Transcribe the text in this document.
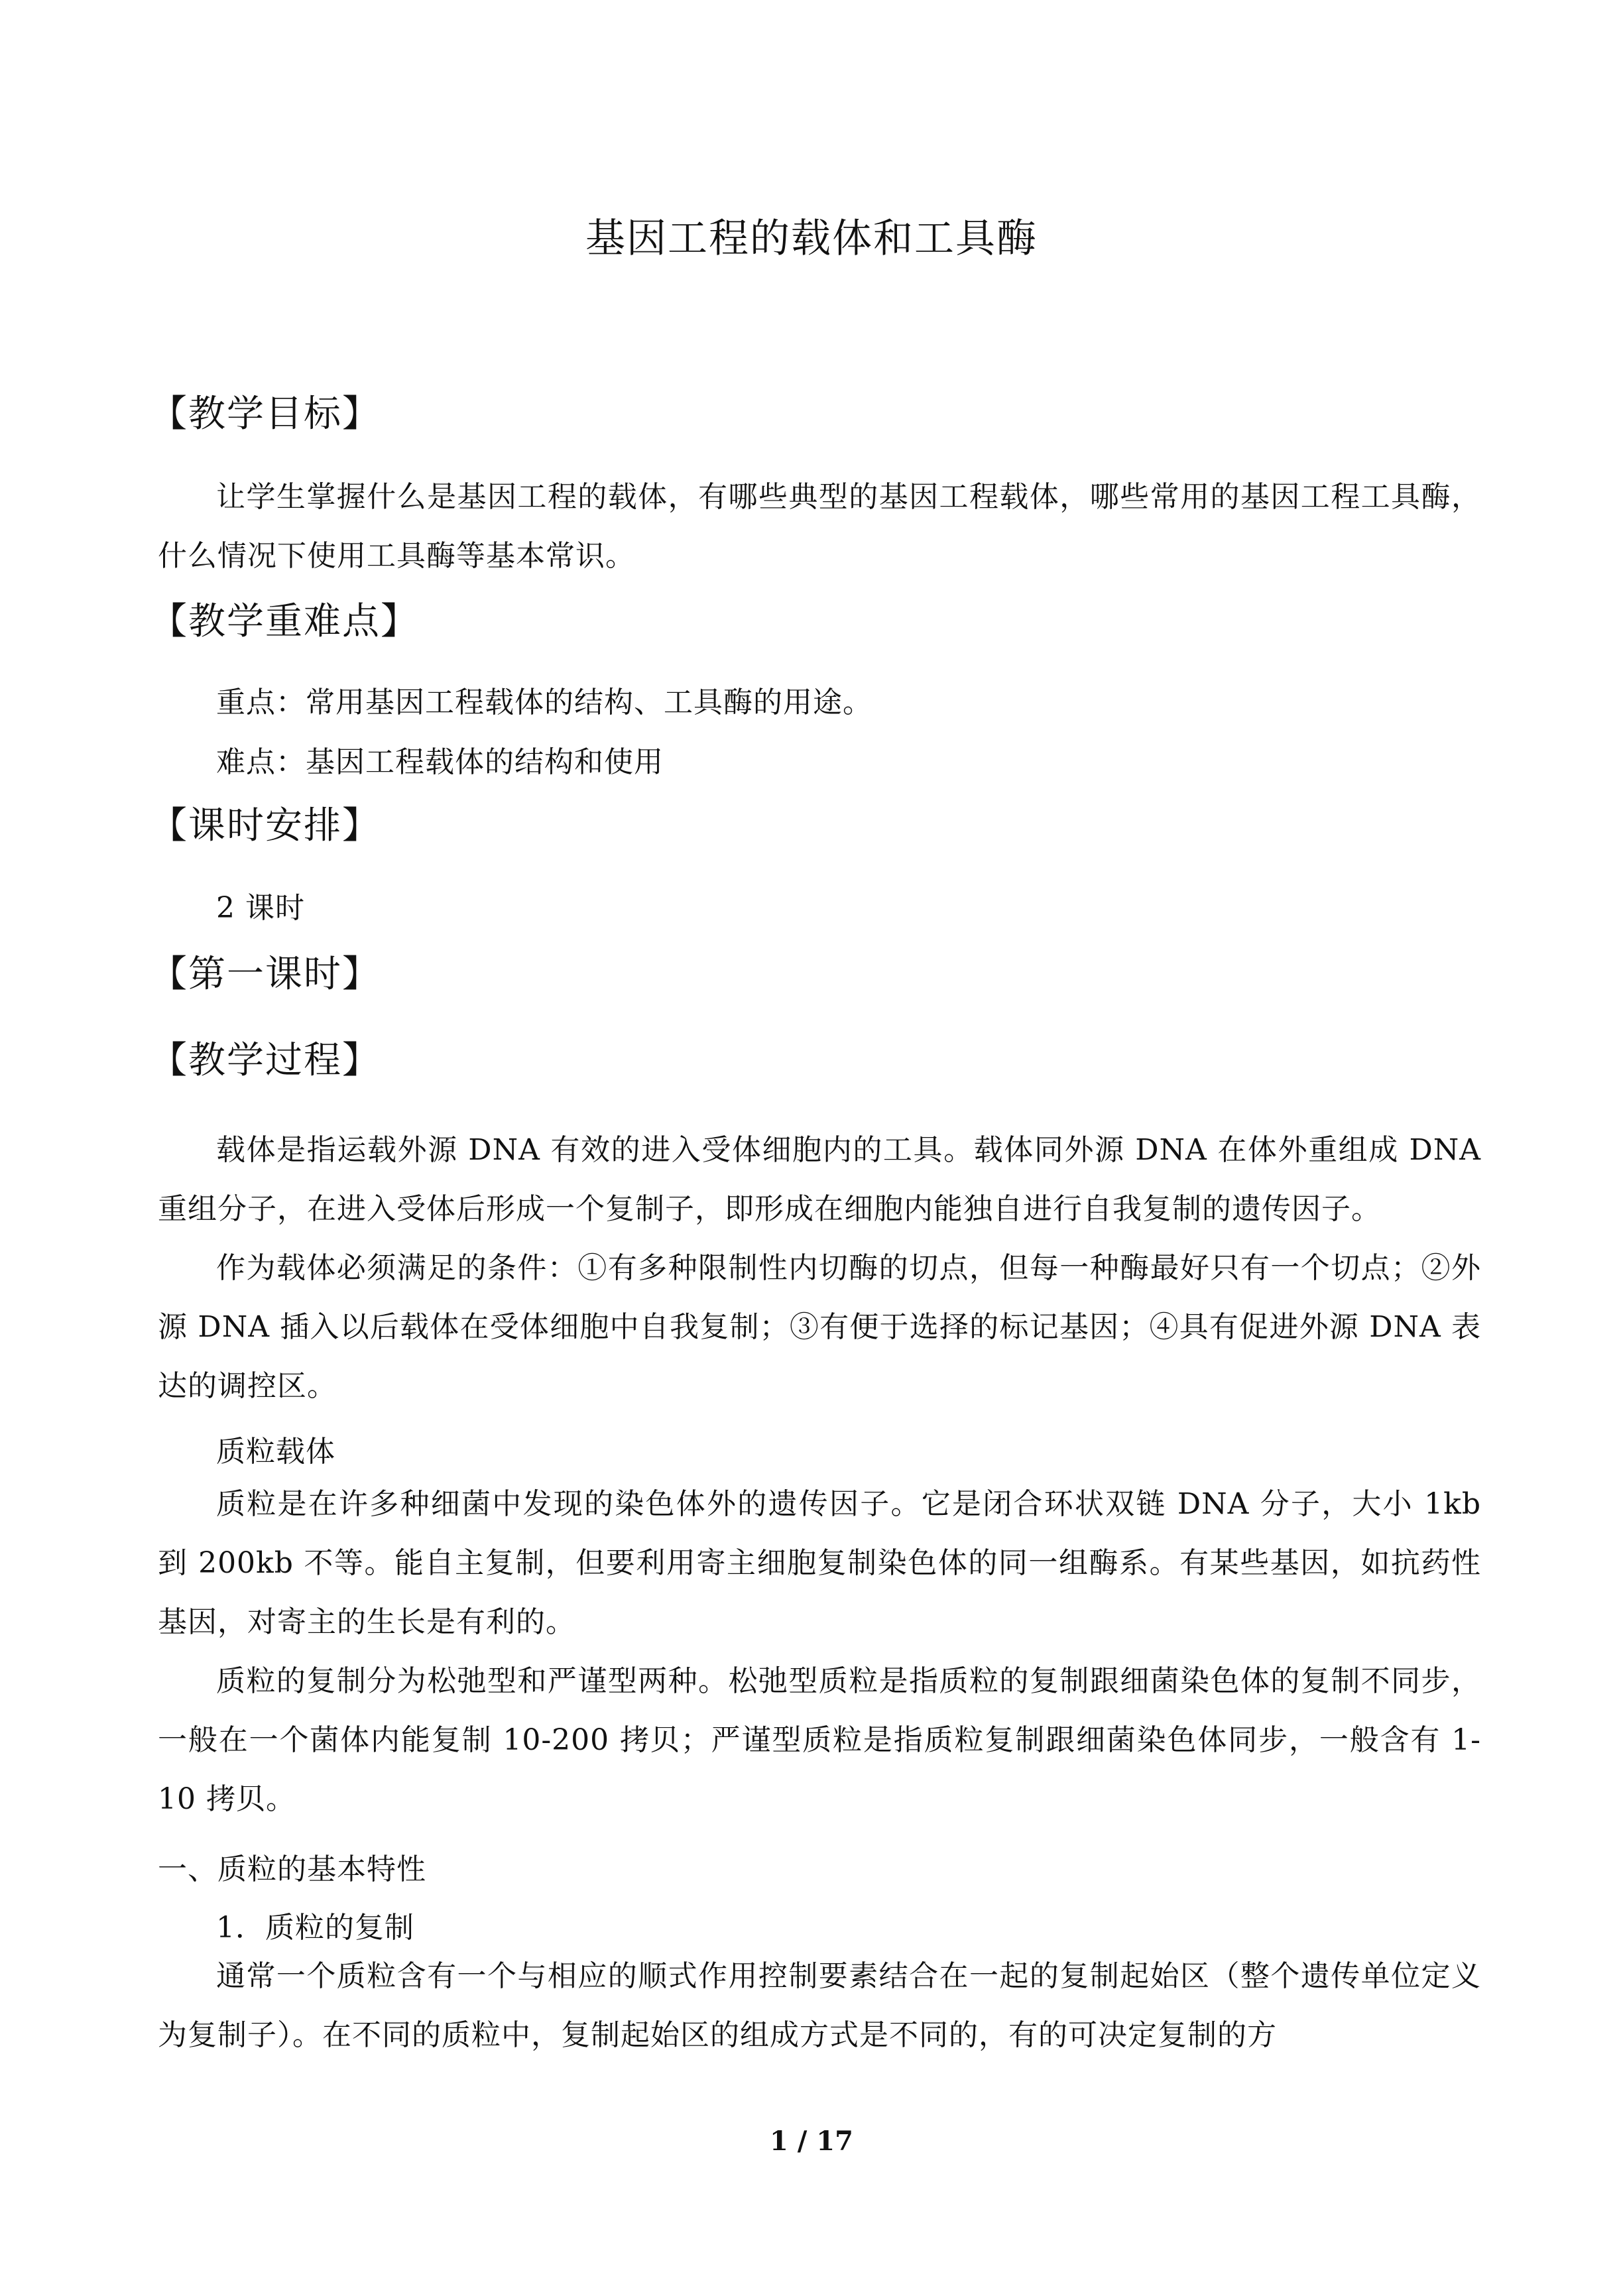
基因工程的载体和工具酶
【教学目标】
让学生掌握什么是基因工程的载体，有哪些典型的基因工程载体，哪些常用的基因工程工具酶，什么情况下使用工具酶等基本常识。
【教学重难点】
重点：常用基因工程载体的结构、工具酶的用途。
难点：基因工程载体的结构和使用
【课时安排】
2 课时
【第一课时】
【教学过程】
载体是指运载外源 DNA 有效的进入受体细胞内的工具。载体同外源 DNA 在体外重组成 DNA 重组分子，在进入受体后形成一个复制子，即形成在细胞内能独自进行自我复制的遗传因子。
作为载体必须满足的条件：①有多种限制性内切酶的切点，但每一种酶最好只有一个切点；②外源 DNA 插入以后载体在受体细胞中自我复制；③有便于选择的标记基因；④具有促进外源 DNA 表达的调控区。
质粒载体
质粒是在许多种细菌中发现的染色体外的遗传因子。它是闭合环状双链 DNA 分子，大小 1kb 到 200kb 不等。能自主复制，但要利用寄主细胞复制染色体的同一组酶系。有某些基因，如抗药性基因，对寄主的生长是有利的。
质粒的复制分为松弛型和严谨型两种。松弛型质粒是指质粒的复制跟细菌染色体的复制不同步，一般在一个菌体内能复制 10-200 拷贝；严谨型质粒是指质粒复制跟细菌染色体同步，一般含有 1-10 拷贝。
一、质粒的基本特性
1．质粒的复制
通常一个质粒含有一个与相应的顺式作用控制要素结合在一起的复制起始区（整个遗传单位定义为复制子）。在不同的质粒中，复制起始区的组成方式是不同的，有的可决定复制的方
1 / 17
